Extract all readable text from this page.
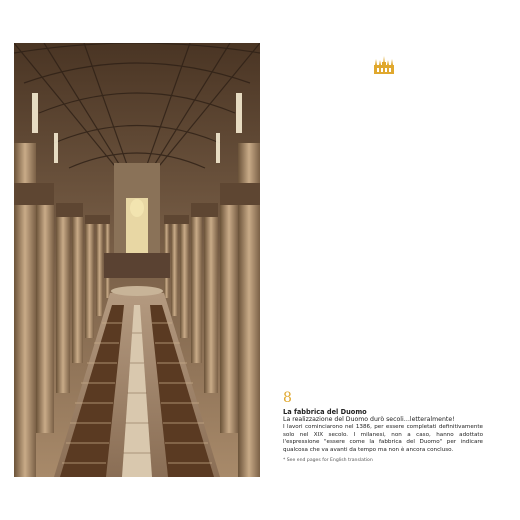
8

La fabbrica del Duomo

La realizzazione del Duomo durò secoli…letteralmente!

I lavori cominciarono nel 1386, per essere completati definitivamente solo nel XIX secolo. I milanesi, non a caso, hanno adottato l'espressione "essere come la fabbrica del Duomo" per indicare qualcosa che va avanti da tempo ma non è ancora concluso.

* See end pages for English translation
